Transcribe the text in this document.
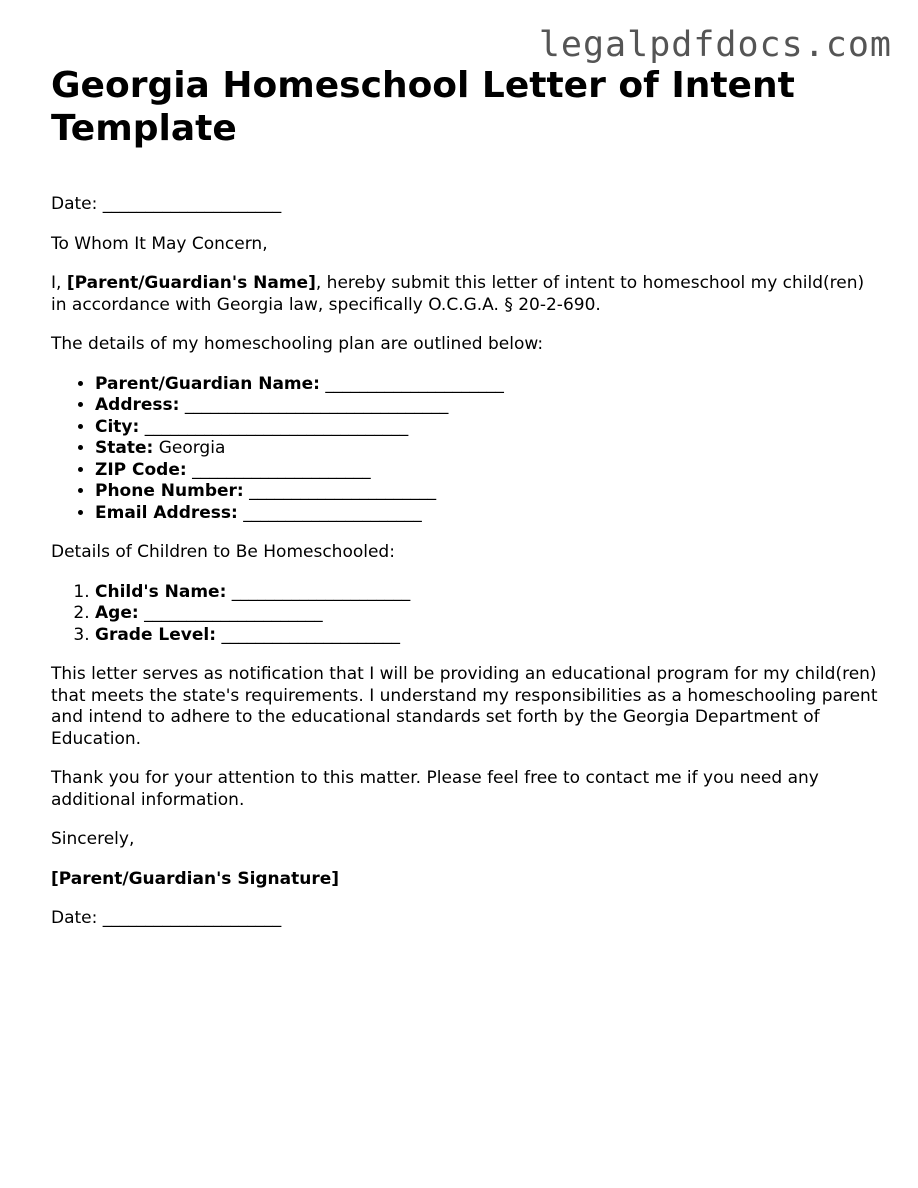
legalpdfdocs.com
Georgia Homeschool Letter of Intent Template

Date: _____________________

To Whom It May Concern,

I, [Parent/Guardian's Name], hereby submit this letter of intent to homeschool my child(ren) in accordance with Georgia law, specifically O.C.G.A. § 20-2-690.

The details of my homeschooling plan are outlined below:

• Parent/Guardian Name: _____________________
• Address: _______________________________
• City: _______________________________
• State: Georgia
• ZIP Code: _____________________
• Phone Number: ______________________
• Email Address: _____________________

Details of Children to Be Homeschooled:

1. Child's Name: _____________________
2. Age: _____________________
3. Grade Level: _____________________

This letter serves as notification that I will be providing an educational program for my child(ren) that meets the state's requirements. I understand my responsibilities as a homeschooling parent and intend to adhere to the educational standards set forth by the Georgia Department of Education.

Thank you for your attention to this matter. Please feel free to contact me if you need any additional information.

Sincerely,

[Parent/Guardian's Signature]

Date: _____________________
